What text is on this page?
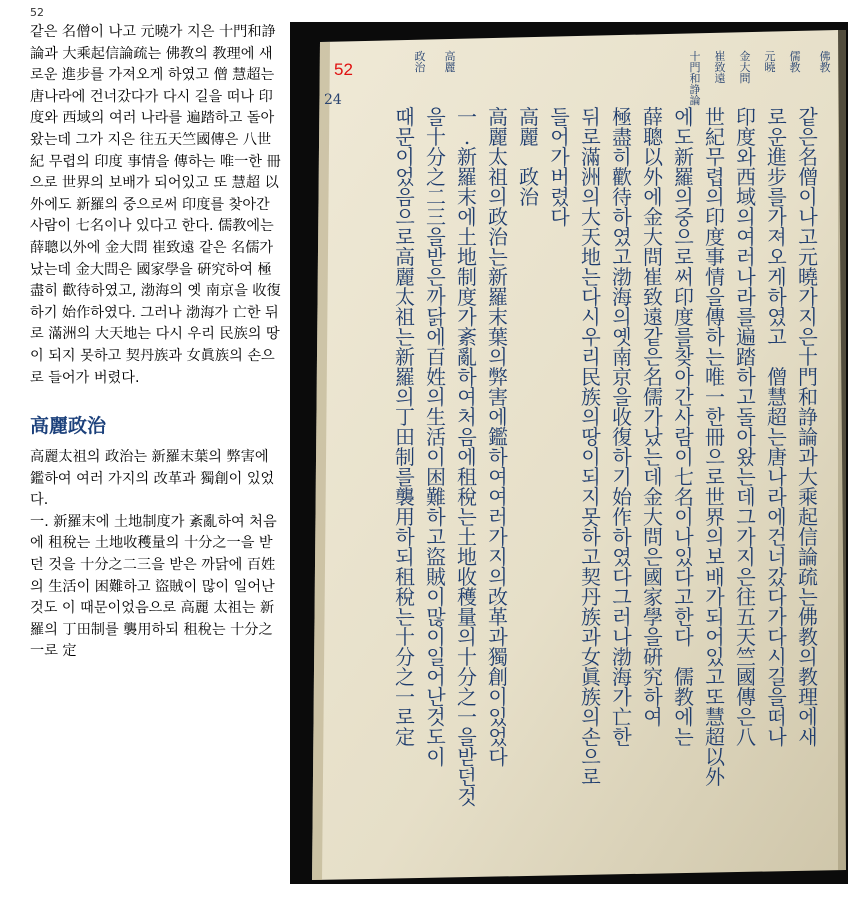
52

같은 名僧이 나고 元曉가 지은 十門和諍論과 大乘起信論疏는 佛教의 教理에 새로운 進步를 가져오게 하였고 僧 慧超는 唐나라에 건너갔다가 다시 길을 떠나 印度와 西域의 여러 나라를 遍踏하고 돌아왔는데 그가 지은 往五天竺國傳은 八世紀 무렵의 印度 事情을 傳하는 唯一한 冊으로 世界의 보배가 되어있고 또 慧超 以外에도 新羅의 중으로써 印度를 찾아간 사람이 七名이나 있다고 한다. 儒教에는 薛聰以外에 金大問 崔致遠 같은 名儒가 났는데 金大問은 國家學을 硏究하여 極盡히 歡待하였고, 渤海의 옛 南京을 收復하기 始作하였다. 그러나 渤海가 亡한 뒤로 滿洲의 大天地는 다시 우리 民族의 땅이 되지 못하고 契丹族과 女眞族의 손으로 들어가 버렸다.

高麗政治

高麗太祖의 政治는 新羅末葉의 弊害에 鑑하여 여러 가지의 改革과 獨創이 있었다.

一. 新羅末에 土地制度가 紊亂하여 처음에 租稅는 土地收穫量의 十分之一을 받던 것을 十分之二三을 받은 까닭에 百姓의 生活이 困難하고 盜賊이 많이 일어난 것도 이 때문이었음으로 高麗 太祖는 新羅의 丁田制를 襲用하되 租稅는 十分之一로 定

52
24
佛教
儒教
元曉
金大問
崔致遠
十門和諍論
高麗
政治
같 은 名僧 이 나 고 元曉 가 지 은 十門和諍論 과 大乘起信論疏 는 佛教 의 教理 에 새
로 운 進步 를 가 져 오 게 하 였 고 僧慧超 는 唐 나 라 에 건 너 갔 다 가 다 시 길 을 떠 나
印度 와 西域 의 여 러 나 라 를 遍踏 하 고 돌 아 왔 는 데 그 가 지 은 往五天竺國傳 은 八
世紀 무 렵 의 印度事情 을 傳 하 는 唯一 한 冊 으 로 世界 의 보 배 가 되 어 있 고 또 慧超以外
에 도 新羅 의 중 으 로 써 印度 를 찾 아 간 사 람 이 七名 이 나 있 다 고 한 다 儒教 에 는
薛聰以外 에 金大問崔致遠 같 은 名儒 가 났 는 데 金大問 은 國家學 을 硏究 하 여
極盡 히 歡待 하 였 고 渤海 의 옛 南京 을 收復 하 기 始作 하 였 다 그 러 나 渤海 가 亡 한
뒤 로 滿洲 의 大天地 는 다 시 우 리 民族 의 땅 이 되 지 못 하 고 契丹族 과 女眞族 의 손 으 로
들 어 가 버 렸 다
高麗 政治
高麗太祖 의 政治 는 新羅末葉 의 弊害 에 鑑 하 여 여 러 가 지 의 改革 과 獨創 이 있 었 다
一.新羅末 에 土地制度 가 紊亂 하 여 처 음 에 租稅 는 土地收穫量 의 十分之一 을 받 던 것
을 十分之二三 을 받 은 까 닭 에 百姓 의 生活 이 困難 하 고 盜賊 이 많 이 일 어 난 것 도 이
때 문 이 었 음 으 로 高麗太祖 는 新羅 의 丁田制 를 襲用 하 되 租稅 는 十分之一 로 定
